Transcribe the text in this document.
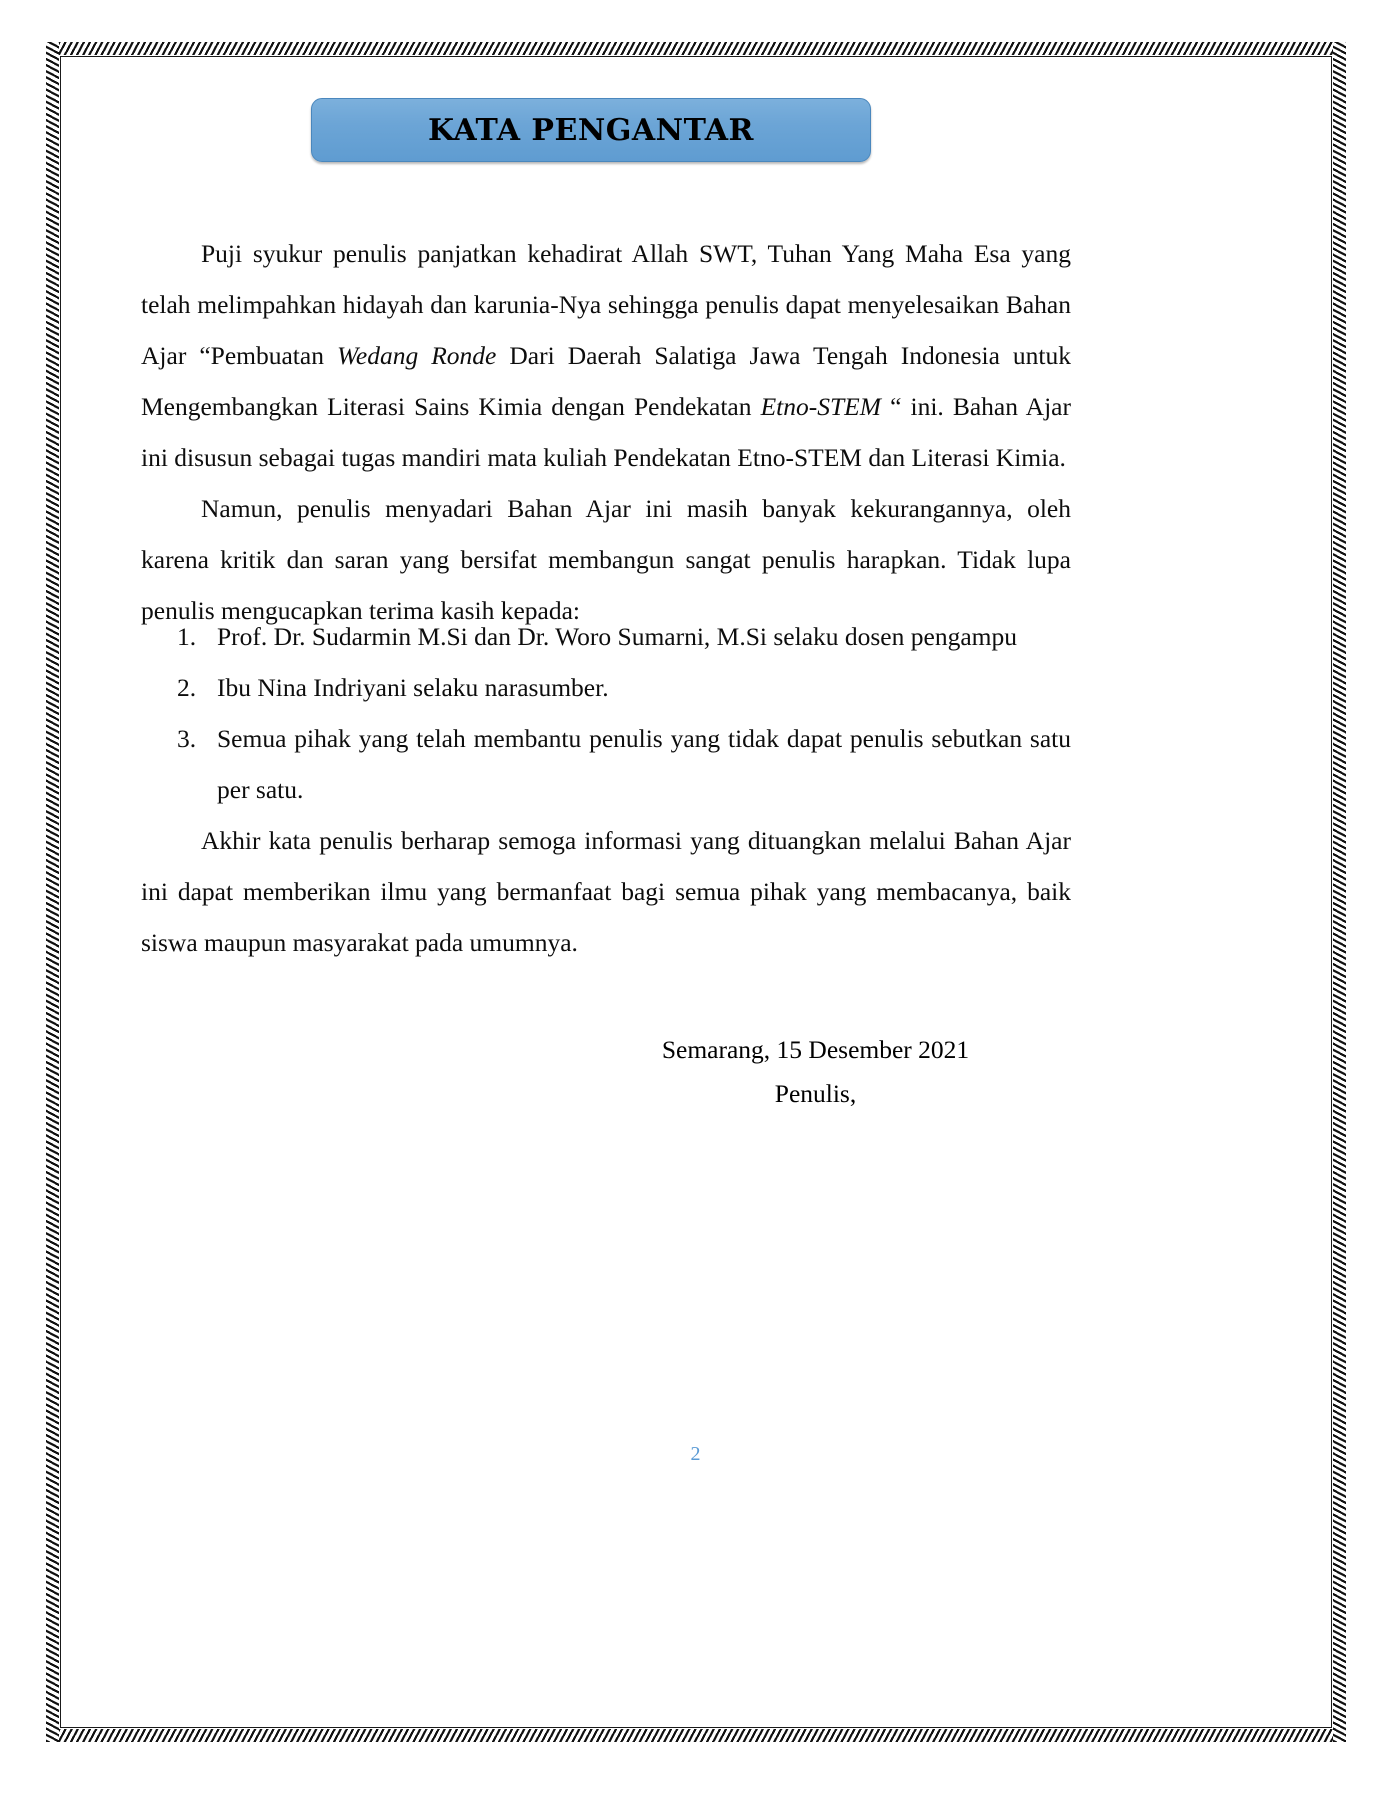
KATA PENGANTAR

Puji syukur penulis panjatkan kehadirat Allah SWT, Tuhan Yang Maha Esa yang telah melimpahkan hidayah dan karunia-Nya sehingga penulis dapat menyelesaikan Bahan Ajar “Pembuatan Wedang Ronde Dari Daerah Salatiga Jawa Tengah Indonesia untuk Mengembangkan Literasi Sains Kimia dengan Pendekatan Etno-STEM “ ini. Bahan Ajar ini disusun sebagai tugas mandiri mata kuliah Pendekatan Etno-STEM dan Literasi Kimia.

Namun, penulis menyadari Bahan Ajar ini masih banyak kekurangannya, oleh karena kritik dan saran yang bersifat membangun sangat penulis harapkan. Tidak lupa penulis mengucapkan terima kasih kepada:

1. Prof. Dr. Sudarmin M.Si dan Dr. Woro Sumarni, M.Si selaku dosen pengampu
2. Ibu Nina Indriyani selaku narasumber.
3. Semua pihak yang telah membantu penulis yang tidak dapat penulis sebutkan satu per satu.

Akhir kata penulis berharap semoga informasi yang dituangkan melalui Bahan Ajar ini dapat memberikan ilmu yang bermanfaat bagi semua pihak yang membacanya, baik siswa maupun masyarakat pada umumnya.

Semarang, 15 Desember 2021
Penulis,
2
